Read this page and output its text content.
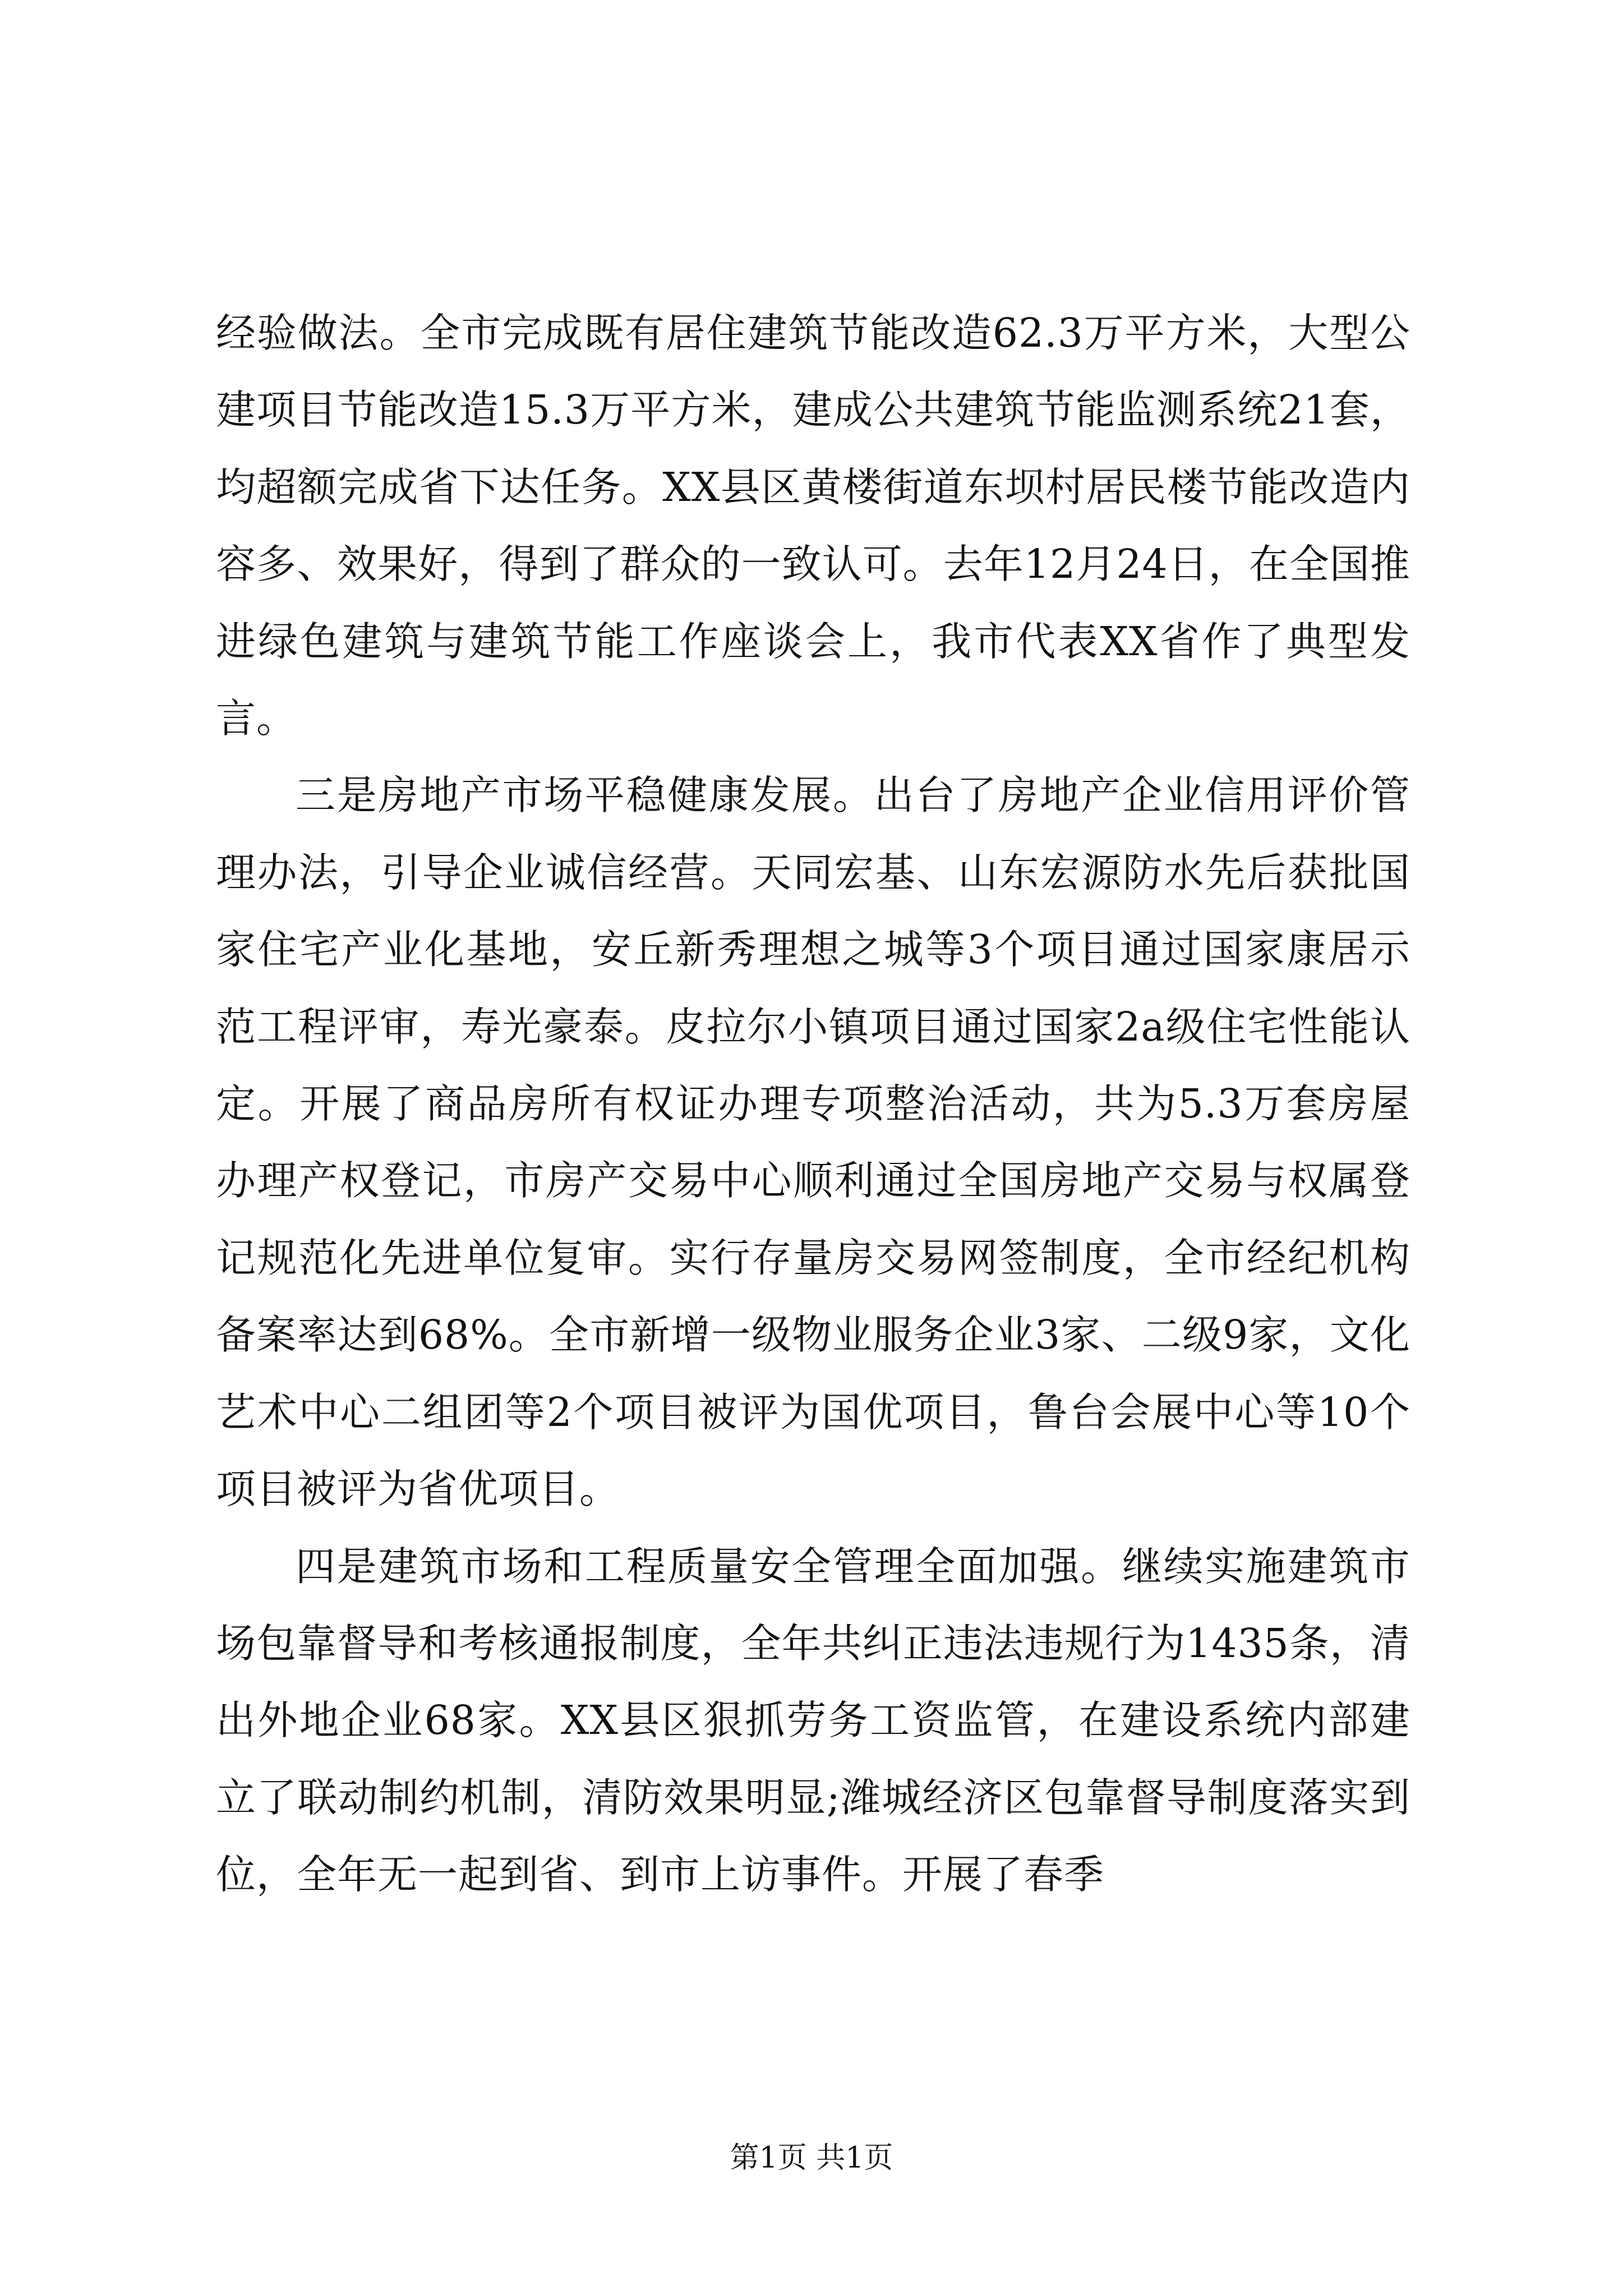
经验做法。全市完成既有居住建筑节能改造62.3万平方米，大型公建项目节能改造15.3万平方米，建成公共建筑节能监测系统21套，均超额完成省下达任务。XX县区黄楼街道东坝村居民楼节能改造内容多、效果好，得到了群众的一致认可。去年12月24日，在全国推进绿色建筑与建筑节能工作座谈会上，我市代表XX省作了典型发言。

三是房地产市场平稳健康发展。出台了房地产企业信用评价管理办法，引导企业诚信经营。天同宏基、山东宏源防水先后获批国家住宅产业化基地，安丘新秀理想之城等3个项目通过国家康居示范工程评审，寿光豪泰。皮拉尔小镇项目通过国家2a级住宅性能认定。开展了商品房所有权证办理专项整治活动，共为5.3万套房屋办理产权登记，市房产交易中心顺利通过全国房地产交易与权属登记规范化先进单位复审。实行存量房交易网签制度，全市经纪机构备案率达到68%。全市新增一级物业服务企业3家、二级9家，文化艺术中心二组团等2个项目被评为国优项目，鲁台会展中心等10个项目被评为省优项目。

四是建筑市场和工程质量安全管理全面加强。继续实施建筑市场包靠督导和考核通报制度，全年共纠正违法违规行为1435条，清出外地企业68家。XX县区狠抓劳务工资监管，在建设系统内部建立了联动制约机制，清防效果明显;潍城经济区包靠督导制度落实到位，全年无一起到省、到市上访事件。开展了春季

第1页 共1页
